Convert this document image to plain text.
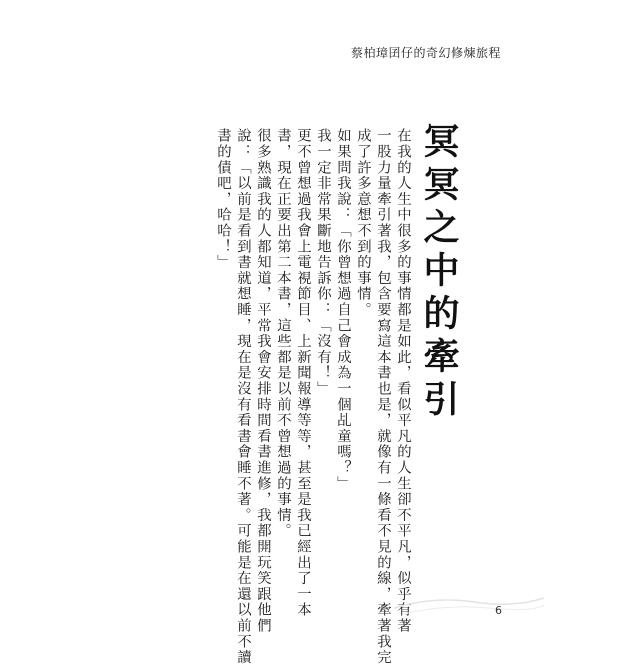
蔡柏璋囝仔的奇幻修煉旅程
冥冥之中的牽引
在我的人生中很多的事情都是如此，看似平凡的人生卻不平凡，似乎有著
一股力量牽引著我，包含要寫這本書也是，就像有一條看不見的線，牽著我完
成了許多意想不到的事情。
如果問我說：「你曾想過自己會成為一個乩童嗎？」
我一定非常果斷地告訴你：「沒有！」
更不曾想過我會上電視節目、上新聞報導等等，甚至是我已經出了一本
書，現在正要出第二本書，這些都是以前不曾想過的事情。
很多熟識我的人都知道，平常我會安排時間看書進修，我都開玩笑跟他們
說：「以前是看到書就想睡，現在是沒有看書會睡不著。可能是在還以前不讀
書的債吧，哈哈！」
6
